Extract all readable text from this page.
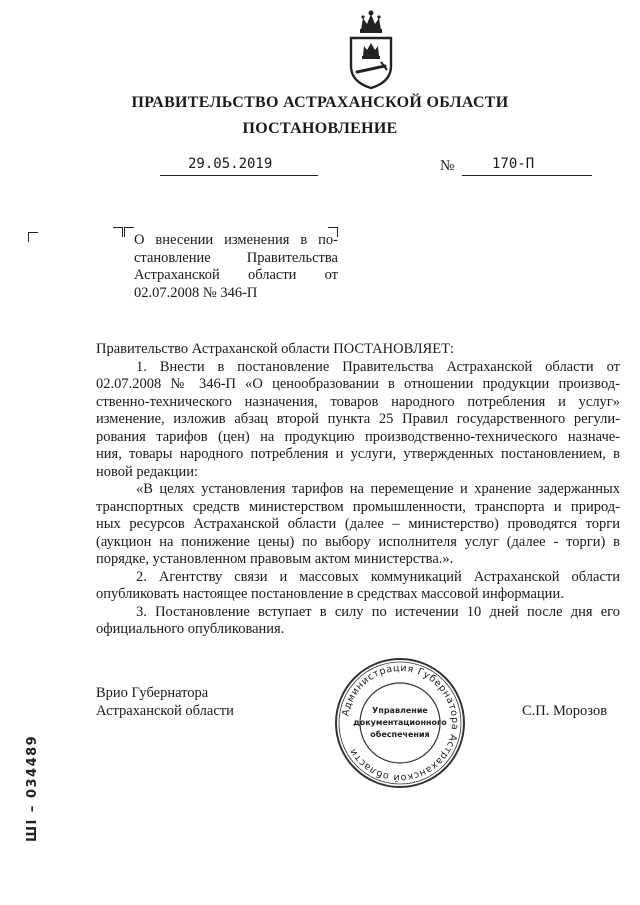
ПРАВИТЕЛЬСТВО АСТРАХАНСКОЙ ОБЛАСТИ
ПОСТАНОВЛЕНИЕ
29.05.2019	№	170-П
О внесении изменения в по-
становление Правительства
Астраханской области от
02.07.2008 № 346-П

Правительство Астраханской области ПОСТАНОВЛЯЕТ:

1. Внести в постановление Правительства Астраханской области от
02.07.2008 № 346-П «О ценообразовании в отношении продукции производ-
ственно-технического назначения, товаров народного потребления и услуг»
изменение, изложив абзац второй пункта 25 Правил государственного регули-
рования тарифов (цен) на продукцию производственно-технического назначе-
ния, товары народного потребления и услуги, утвержденных постановлением, в
новой редакции:

«В целях установления тарифов на перемещение и хранение задержанных
транспортных средств министерством промышленности, транспорта и природ-
ных ресурсов Астраханской области (далее – министерство) проводятся торги
(аукцион на понижение цены) по выбору исполнителя услуг (далее - торги) в
порядке, установленном правовым актом министерства.».

2. Агентству связи и массовых коммуникаций Астраханской области
опубликовать настоящее постановление в средствах массовой информации.

3. Постановление вступает в силу по истечении 10 дней после дня его
официального опубликования.

Врио Губернатора
Астраханской области	С.П. Морозов
Администрация Губернатора Астраханской области
Управление
документационного
обеспечения
ШI – 034489
